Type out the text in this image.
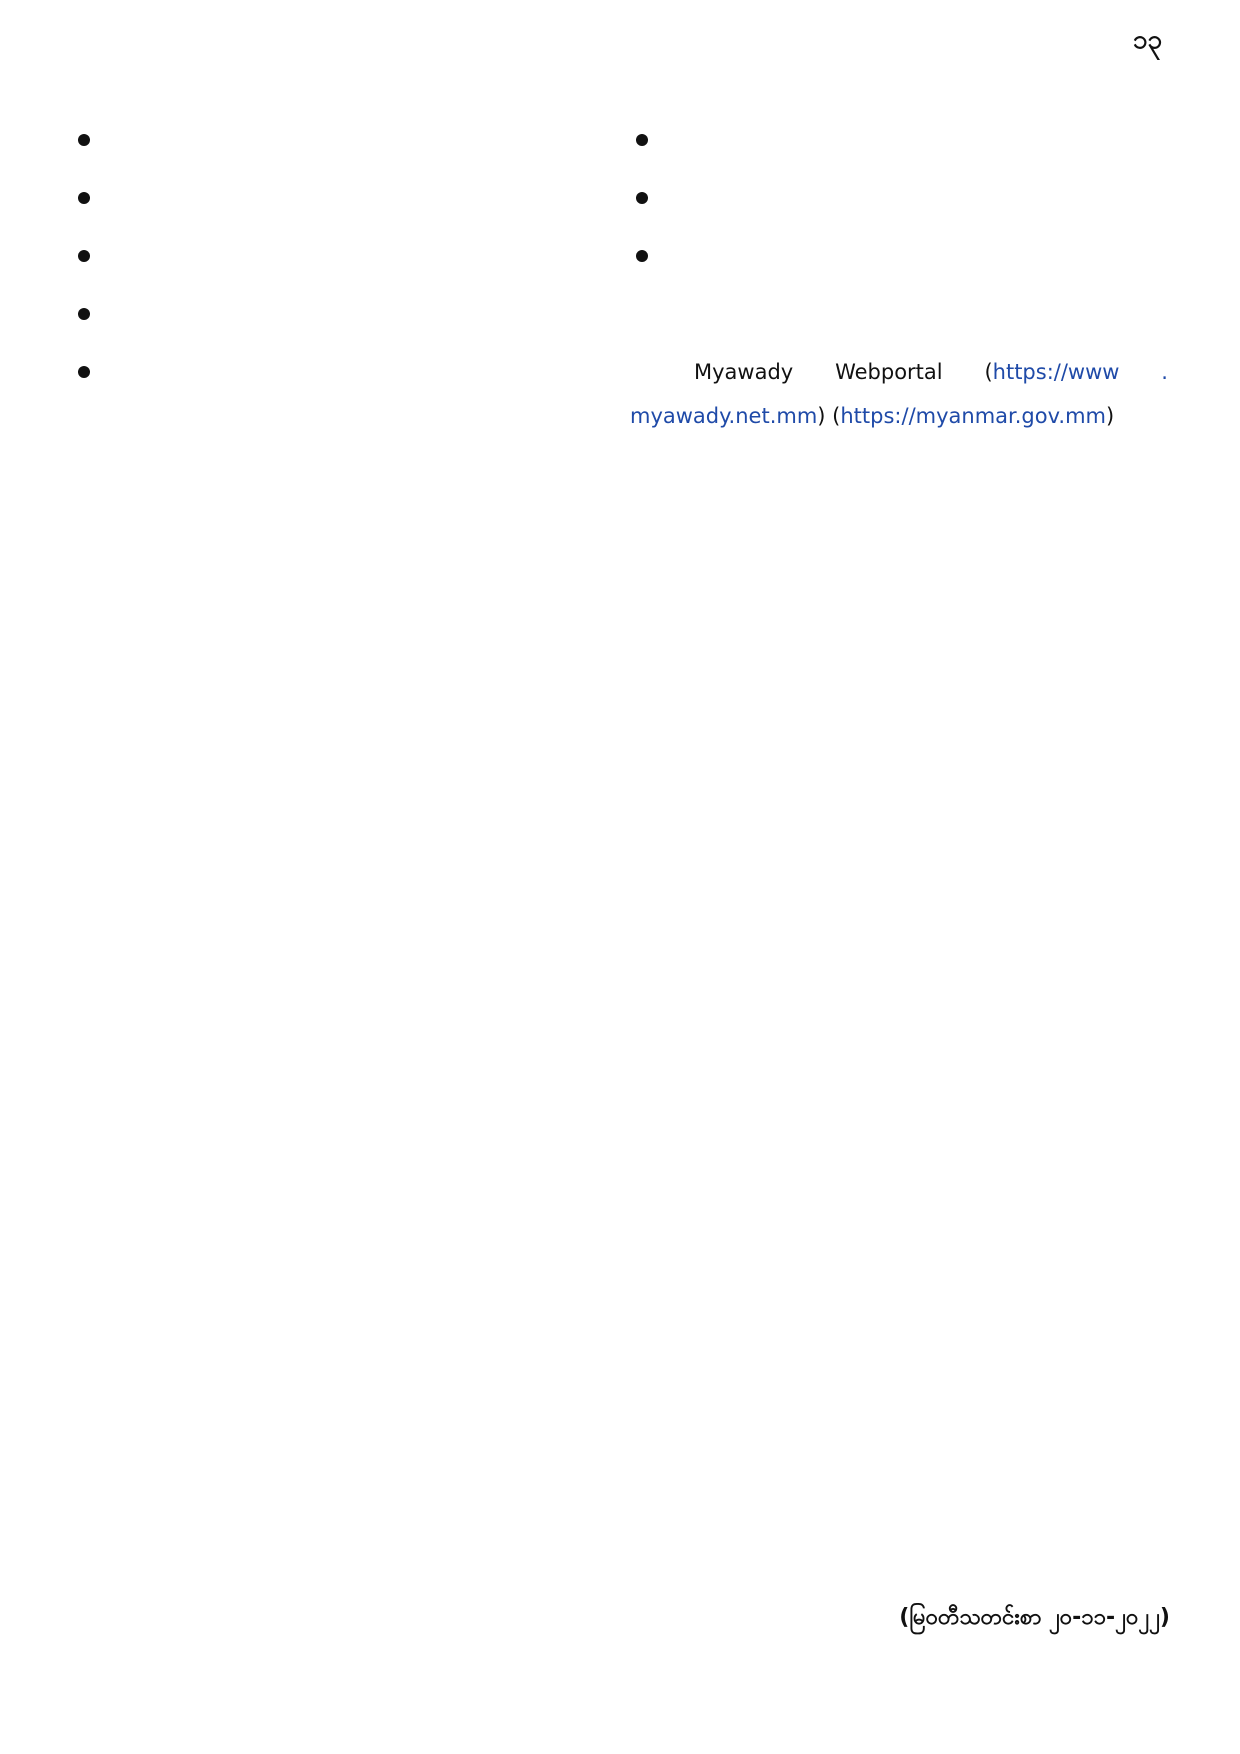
၁၃

Myawady Webportal (https://www . myawady.net.mm) (https://myanmar.gov.mm)

(မြဝတီသတင်းစာ ၂၀-၁၁-၂၀၂၂)
